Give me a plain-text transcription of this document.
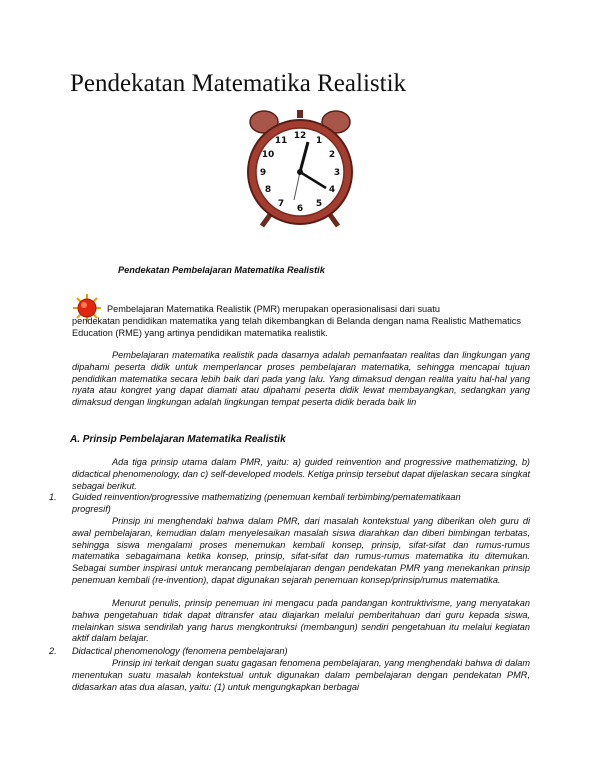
Pendekatan Matematika Realistik
12 1
2
3
4
5
6
7
8
9
10
11
Pendekatan Pembelajaran Matematika Realistik
Pembelajaran Matematika Realistik (PMR) merupakan operasionalisasi dari suatu
pendekatan pendidikan matematika yang telah dikembangkan di Belanda dengan nama Realistic Mathematics Education (RME) yang artinya pendidikan matematika realistik.

Pembelajaran matematika realistik pada dasarnya adalah pemanfaatan realitas dan lingkungan yang dipahami peserta didik untuk memperlancar proses pembelajaran matematika, sehingga mencapai tujuan pendidikan matematika secara lebih baik dari pada yang lalu. Yang dimaksud dengan realita yaitu hal-hal yang nyata atau kongret yang dapat diamati atau dipahami peserta didik lewat membayangkan, sedangkan yang dimaksud dengan lingkungan adalah lingkungan tempat peserta didik berada baik lin

A. Prinsip Pembelajaran Matematika Realistik

Ada tiga prinsip utama dalam PMR, yaitu: a) guided reinvention and progressive mathematizing, b) didactical phenomenology, dan c) self-developed models. Ketiga prinsip tersebut dapat dijelaskan secara singkat sebagai berikut.

1. Guided reinvention/progressive mathematizing (penemuan kembali terbimbing/pematematikaan
progresif)

Prinsip ini menghendaki bahwa dalam PMR, dari masalah kontekstual yang diberikan oleh guru di awal pembelajaran, kemudian dalam menyelesaikan masalah siswa diarahkan dan diberi bimbingan terbatas, sehingga siswa mengalami proses menemukan kembali konsep, prinsip, sifat-sifat dan rumus-rumus matematika sebagaimana ketika konsep, prinsip, sifat-sifat dan rumus-rumus matematika itu ditemukan. Sebagai sumber inspirasi untuk merancang pembelajaran dengan pendekatan PMR yang menekankan prinsip penemuan kembali (re-invention), dapat digunakan sejarah penemuan konsep/prinsip/rumus matematika.

Menurut penulis, prinsip penemuan ini mengacu pada pandangan kontruktivisme, yang menyatakan bahwa pengetahuan tidak dapat ditransfer atau diajarkan melalui pemberitahuan dari guru kepada siswa, melainkan siswa sendirilah yang harus mengkontruksi (membangun) sendiri pengetahuan itu melalui kegiatan aktif dalam belajar.

2. Didactical phenomenology (fenomena pembelajaran)

Prinsip ini terkait dengan suatu gagasan fenomena pembelajaran, yang menghendaki bahwa di dalam menentukan suatu masalah kontekstual untuk digunakan dalam pembelajaran dengan pendekatan PMR, didasarkan atas dua alasan, yaitu: (1) untuk mengungkapkan berbagai
